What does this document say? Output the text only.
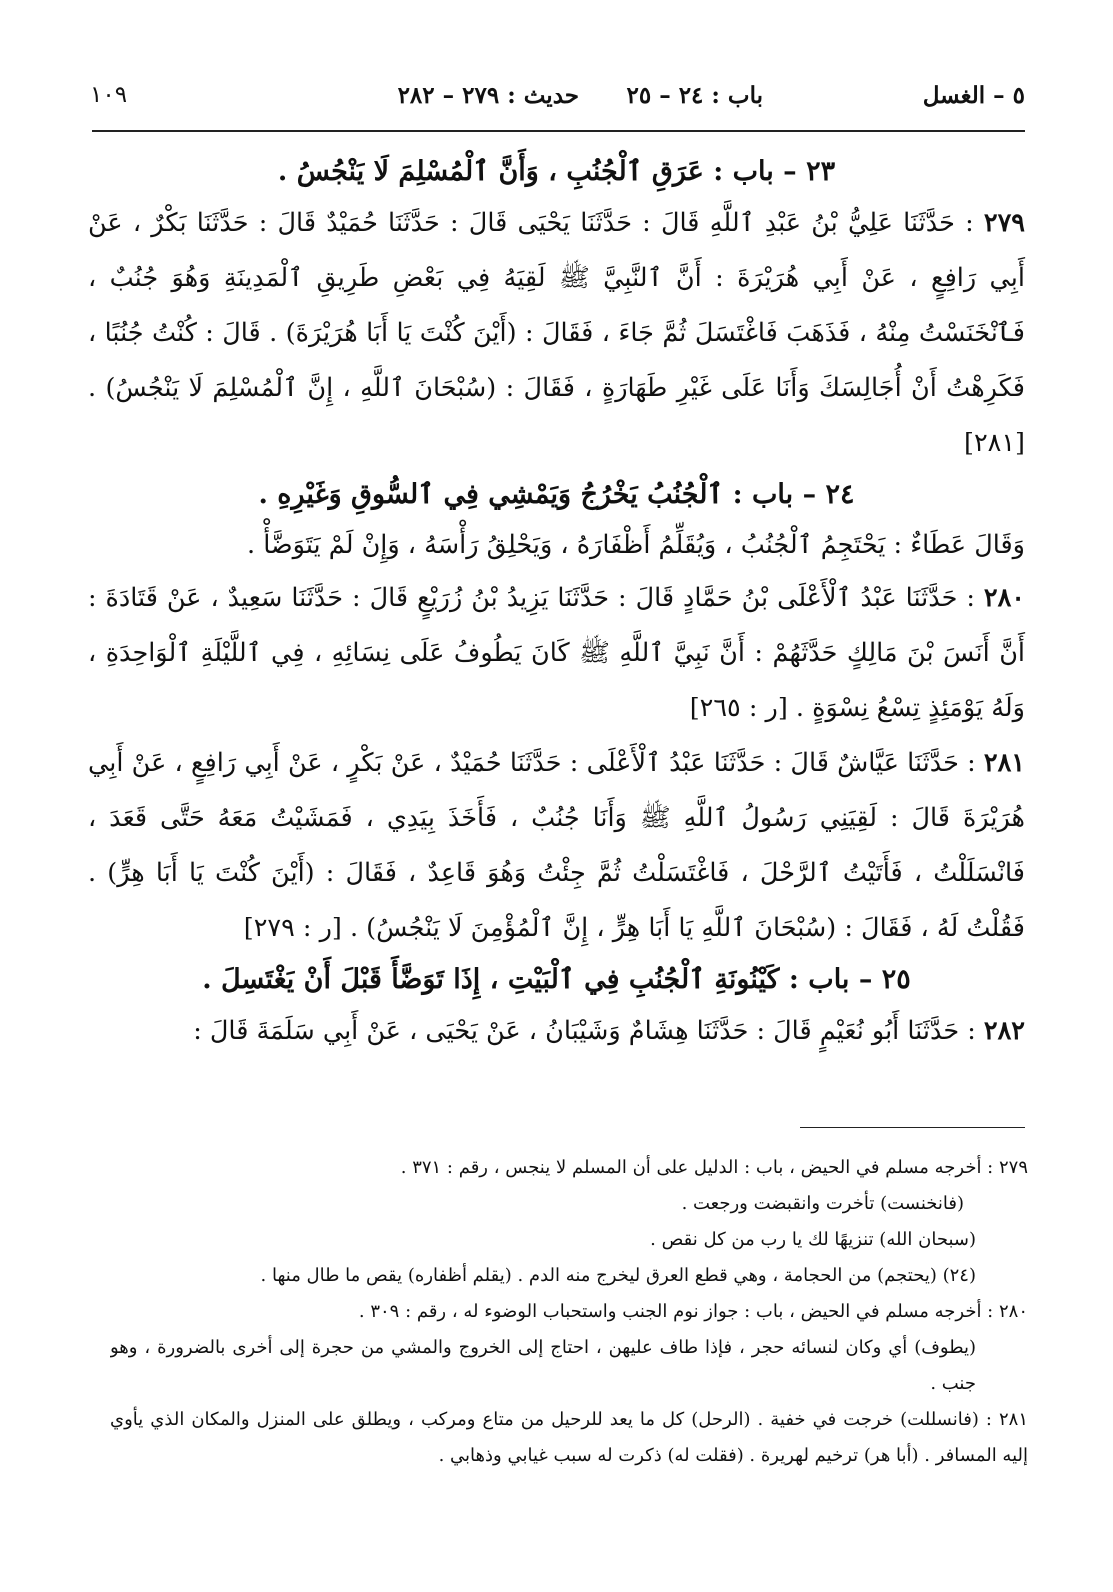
٥ – الغسل
باب : ٢٤ – ٢٥
حديث : ٢٧٩ – ٢٨٢
١٠٩

٢٣ – باب : عَرَقِ ٱلْجُنُبِ ، وَأَنَّ ٱلْمُسْلِمَ لَا يَنْجُسُ .

٢٧٩ : حَدَّثَنَا عَلِيُّ بْنُ عَبْدِ ٱللَّهِ قَالَ : حَدَّثَنَا يَحْيَى قَالَ : حَدَّثَنَا حُمَيْدٌ قَالَ : حَدَّثَنَا بَكْرٌ ، عَنْ أَبِي رَافِعٍ ، عَنْ أَبِي هُرَيْرَةَ : أَنَّ ٱلنَّبِيَّ ﷺ لَقِيَهُ فِي بَعْضِ طَرِيقِ ٱلْمَدِينَةِ وَهُوَ جُنُبٌ ، فَٱنْخَنَسْتُ مِنْهُ ، فَذَهَبَ فَاغْتَسَلَ ثُمَّ جَاءَ ، فَقَالَ : (أَيْنَ كُنْتَ يَا أَبَا هُرَيْرَةَ) . قَالَ : كُنْتُ جُنُبًا ، فَكَرِهْتُ أَنْ أُجَالِسَكَ وَأَنَا عَلَى غَيْرِ طَهَارَةٍ ، فَقَالَ : (سُبْحَانَ ٱللَّهِ ، إِنَّ ٱلْمُسْلِمَ لَا يَنْجُسُ) . [٢٨١]

٢٤ – باب : ٱلْجُنُبُ يَخْرُجُ وَيَمْشِي فِي ٱلسُّوقِ وَغَيْرِهِ .

وَقَالَ عَطَاءٌ : يَحْتَجِمُ ٱلْجُنُبُ ، وَيُقَلِّمُ أَظْفَارَهُ ، وَيَحْلِقُ رَأْسَهُ ، وَإِنْ لَمْ يَتَوَضَّأْ .

٢٨٠ : حَدَّثَنَا عَبْدُ ٱلْأَعْلَى بْنُ حَمَّادٍ قَالَ : حَدَّثَنَا يَزِيدُ بْنُ زُرَيْعٍ قَالَ : حَدَّثَنَا سَعِيدٌ ، عَنْ قَتَادَةَ : أَنَّ أَنَسَ بْنَ مَالِكٍ حَدَّثَهُمْ : أَنَّ نَبِيَّ ٱللَّهِ ﷺ كَانَ يَطُوفُ عَلَى نِسَائِهِ ، فِي ٱللَّيْلَةِ ٱلْوَاحِدَةِ ، وَلَهُ يَوْمَئِذٍ تِسْعُ نِسْوَةٍ . [ر : ٢٦٥]

٢٨١ : حَدَّثَنَا عَيَّاشٌ قَالَ : حَدَّثَنَا عَبْدُ ٱلْأَعْلَى : حَدَّثَنَا حُمَيْدٌ ، عَنْ بَكْرٍ ، عَنْ أَبِي رَافِعٍ ، عَنْ أَبِي هُرَيْرَةَ قَالَ : لَقِيَنِي رَسُولُ ٱللَّهِ ﷺ وَأَنَا جُنُبٌ ، فَأَخَذَ بِيَدِي ، فَمَشَيْتُ مَعَهُ حَتَّى قَعَدَ ، فَانْسَلَلْتُ ، فَأَتَيْتُ ٱلرَّحْلَ ، فَاغْتَسَلْتُ ثُمَّ جِئْتُ وَهُوَ قَاعِدٌ ، فَقَالَ : (أَيْنَ كُنْتَ يَا أَبَا هِرٍّ) . فَقُلْتُ لَهُ ، فَقَالَ : (سُبْحَانَ ٱللَّهِ يَا أَبَا هِرٍّ ، إِنَّ ٱلْمُؤْمِنَ لَا يَنْجُسُ) . [ر : ٢٧٩]

٢٥ – باب : كَيْنُونَةِ ٱلْجُنُبِ فِي ٱلْبَيْتِ ، إِذَا تَوَضَّأَ قَبْلَ أَنْ يَغْتَسِلَ .

٢٨٢ : حَدَّثَنَا أَبُو نُعَيْمٍ قَالَ : حَدَّثَنَا هِشَامٌ وَشَيْبَانُ ، عَنْ يَحْيَى ، عَنْ أَبِي سَلَمَةَ قَالَ :

٢٧٩ : أخرجه مسلم في الحيض ، باب : الدليل على أن المسلم لا ينجس ، رقم : ٣٧١ .

(فانخنست) تأخرت وانقبضت ورجعت .

(سبحان الله) تنزيهًا لك يا رب من كل نقص .

(٢٤) (يحتجم) من الحجامة ، وهي قطع العرق ليخرج منه الدم . (يقلم أظفاره) يقص ما طال منها .

٢٨٠ : أخرجه مسلم في الحيض ، باب : جواز نوم الجنب واستحباب الوضوء له ، رقم : ٣٠٩ .

(يطوف) أي وكان لنسائه حجر ، فإذا طاف عليهن ، احتاج إلى الخروج والمشي من حجرة إلى أخرى بالضرورة ، وهو جنب .

٢٨١ : (فانسللت) خرجت في خفية . (الرحل) كل ما يعد للرحيل من متاع ومركب ، ويطلق على المنزل والمكان الذي يأوي إليه المسافر . (أبا هر) ترخيم لهريرة . (فقلت له) ذكرت له سبب غيابي وذهابي .
